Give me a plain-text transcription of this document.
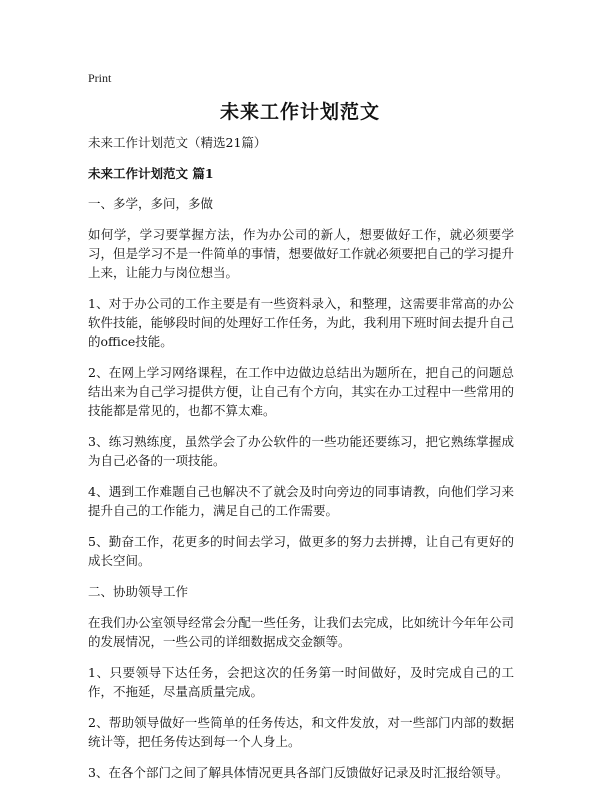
Print
未来工作计划范文
未来工作计划范文（精选21篇）
未来工作计划范文 篇1
一、多学，多问，多做
如何学，学习要掌握方法，作为办公司的新人，想要做好工作，就必须要学习，但是学习不是一件简单的事情，想要做好工作就必须要把自己的学习提升上来，让能力与岗位想当。
1、对于办公司的工作主要是有一些资料录入，和整理，这需要非常高的办公软件技能，能够段时间的处理好工作任务，为此，我利用下班时间去提升自己的office技能。
2、在网上学习网络课程，在工作中边做边总结出为题所在，把自己的问题总结出来为自己学习提供方便，让自己有个方向，其实在办工过程中一些常用的技能都是常见的，也都不算太难。
3、练习熟练度，虽然学会了办公软件的一些功能还要练习，把它熟练掌握成为自己必备的一项技能。
4、遇到工作难题自己也解决不了就会及时向旁边的同事请教，向他们学习来提升自己的工作能力，满足自己的工作需要。
5、勤奋工作，花更多的时间去学习，做更多的努力去拼搏，让自己有更好的成长空间。
二、协助领导工作
在我们办公室领导经常会分配一些任务，让我们去完成，比如统计今年年公司的发展情况，一些公司的详细数据成交金额等。
1、只要领导下达任务，会把这次的任务第一时间做好，及时完成自己的工作，不拖延，尽量高质量完成。
2、帮助领导做好一些简单的任务传达，和文件发放，对一些部门内部的数据统计等，把任务传达到每一个人身上。
3、在各个部门之间了解具体情况更具各部门反馈做好记录及时汇报给领导。
